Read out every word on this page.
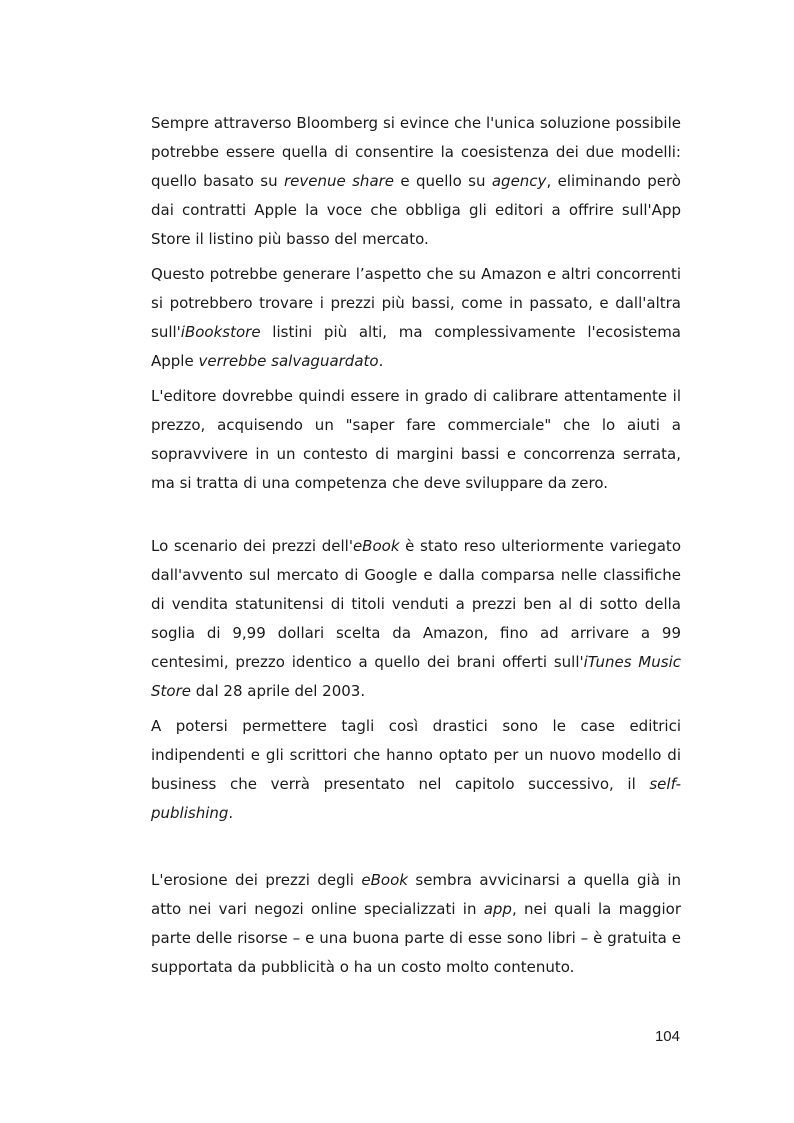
Sempre attraverso Bloomberg si evince che l'unica soluzione possibile potrebbe essere quella di consentire la coesistenza dei due modelli: quello basato su revenue share e quello su agency, eliminando però dai contratti Apple la voce che obbliga gli editori a offrire sull'App Store il listino più basso del mercato.

Questo potrebbe generare l’aspetto che su Amazon e altri concorrenti si potrebbero trovare i prezzi più bassi, come in passato, e dall'altra sull'iBookstore listini più alti, ma complessivamente l'ecosistema Apple verrebbe salvaguardato.

L'editore dovrebbe quindi essere in grado di calibrare attentamente il prezzo, acquisendo un "saper fare commerciale" che lo aiuti a sopravvivere in un contesto di margini bassi e concorrenza serrata, ma si tratta di una competenza che deve sviluppare da zero.

Lo scenario dei prezzi dell'eBook è stato reso ulteriormente variegato dall'avvento sul mercato di Google e dalla comparsa nelle classifiche di vendita statunitensi di titoli venduti a prezzi ben al di sotto della soglia di 9,99 dollari scelta da Amazon, fino ad arrivare a 99 centesimi, prezzo identico a quello dei brani offerti sull'iTunes Music Store dal 28 aprile del 2003.

A potersi permettere tagli così drastici sono le case editrici indipendenti e gli scrittori che hanno optato per un nuovo modello di business che verrà presentato nel capitolo successivo, il self-publishing.

L'erosione dei prezzi degli eBook sembra avvicinarsi a quella già in atto nei vari negozi online specializzati in app, nei quali la maggior parte delle risorse – e una buona parte di esse sono libri – è gratuita e supportata da pubblicità o ha un costo molto contenuto.

104
